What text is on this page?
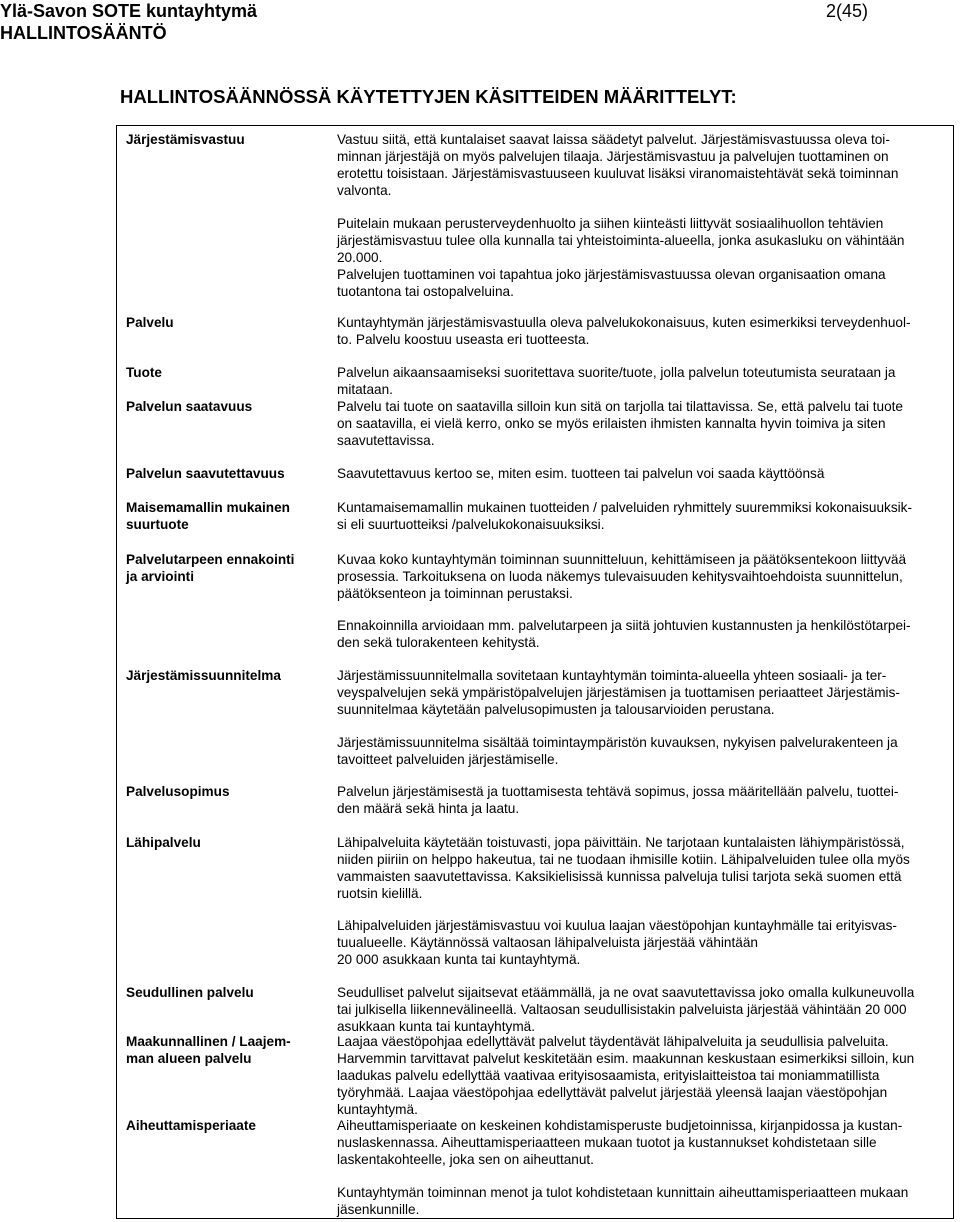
Ylä-Savon SOTE kuntayhtymä
HALLINTOSÄÄNTÖ
2(45)
HALLINTOSÄÄNNÖSSÄ KÄYTETTYJEN KÄSITTEIDEN MÄÄRITTELYT:
Järjestämisvastuu
Palvelu
Tuote
Palvelun saatavuus
Palvelun saavutettavuus
Maisemamallin mukainen
suurtuote
Palvelutarpeen ennakointi
ja arviointi
Järjestämissuunnitelma
Palvelusopimus
Lähipalvelu
Seudullinen palvelu
Maakunnallinen / Laajem-
man alueen palvelu
Aiheuttamisperiaate
Vastuu siitä, että kuntalaiset saavat laissa säädetyt palvelut. Järjestämisvastuussa oleva toi-
minnan järjestäjä on myös palvelujen tilaaja. Järjestämisvastuu ja palvelujen tuottaminen on
erotettu toisistaan. Järjestämisvastuuseen kuuluvat lisäksi viranomaistehtävät sekä toiminnan
valvonta.
Puitelain mukaan perusterveydenhuolto ja siihen kiinteästi liittyvät sosiaalihuollon tehtävien
järjestämisvastuu tulee olla kunnalla tai yhteistoiminta-alueella, jonka asukasluku on vähintään
20.000.
Palvelujen tuottaminen voi tapahtua joko järjestämisvastuussa olevan organisaation omana
tuotantona tai ostopalveluina.
Kuntayhtymän järjestämisvastuulla oleva palvelukokonaisuus, kuten esimerkiksi terveydenhuol-
to. Palvelu koostuu useasta eri tuotteesta.
Palvelun aikaansaamiseksi suoritettava suorite/tuote, jolla palvelun toteutumista seurataan ja
mitataan.
Palvelu tai tuote on saatavilla silloin kun sitä on tarjolla tai tilattavissa. Se, että palvelu tai tuote
on saatavilla, ei vielä kerro, onko se myös erilaisten ihmisten kannalta hyvin toimiva ja siten
saavutettavissa.
Saavutettavuus kertoo se, miten esim. tuotteen tai palvelun voi saada käyttöönsä
Kuntamaisemamallin mukainen tuotteiden / palveluiden ryhmittely suuremmiksi kokonaisuuksik-
si eli suurtuotteiksi /palvelukokonaisuuksiksi.
Kuvaa koko kuntayhtymän toiminnan suunnitteluun, kehittämiseen ja päätöksentekoon liittyvää
prosessia. Tarkoituksena on luoda näkemys tulevaisuuden kehitysvaihtoehdoista suunnittelun,
päätöksenteon ja toiminnan perustaksi.
Ennakoinnilla arvioidaan mm. palvelutarpeen ja siitä johtuvien kustannusten ja henkilöstötarpei-
den sekä tulorakenteen kehitystä.
Järjestämissuunnitelmalla sovitetaan kuntayhtymän toiminta-alueella yhteen sosiaali- ja ter-
veyspalvelujen sekä ympäristöpalvelujen järjestämisen ja tuottamisen periaatteet Järjestämis-
suunnitelmaa käytetään palvelusopimusten ja talousarvioiden perustana.
Järjestämissuunnitelma sisältää toimintaympäristön kuvauksen, nykyisen palvelurakenteen ja
tavoitteet palveluiden järjestämiselle.
Palvelun järjestämisestä ja tuottamisesta tehtävä sopimus, jossa määritellään palvelu, tuottei-
den määrä sekä hinta ja laatu.
Lähipalveluita käytetään toistuvasti, jopa päivittäin. Ne tarjotaan kuntalaisten lähiympäristössä,
niiden piiriin on helppo hakeutua, tai ne tuodaan ihmisille kotiin. Lähipalveluiden tulee olla myös
vammaisten saavutettavissa. Kaksikielisissä kunnissa palveluja tulisi tarjota sekä suomen että
ruotsin kielillä.
Lähipalveluiden järjestämisvastuu voi kuulua laajan väestöpohjan kuntayhmälle tai erityisvas-
tuualueelle. Käytännössä valtaosan lähipalveluista järjestää vähintään
20 000 asukkaan kunta tai kuntayhtymä.
Seudulliset palvelut sijaitsevat etäämmällä, ja ne ovat saavutettavissa joko omalla kulkuneuvolla
tai julkisella liikennevälineellä. Valtaosan seudullisistakin palveluista järjestää vähintään 20 000
asukkaan kunta tai kuntayhtymä.
Laajaa väestöpohjaa edellyttävät palvelut täydentävät lähipalveluita ja seudullisia palveluita.
Harvemmin tarvittavat palvelut keskitetään esim. maakunnan keskustaan esimerkiksi silloin, kun
laadukas palvelu edellyttää vaativaa erityisosaamista, erityislaitteistoa tai moniammatillista
työryhmää. Laajaa väestöpohjaa edellyttävät palvelut järjestää yleensä laajan väestöpohjan
kuntayhtymä.
Aiheuttamisperiaate on keskeinen kohdistamisperuste budjetoinnissa, kirjanpidossa ja kustan-
nuslaskennassa. Aiheuttamisperiaatteen mukaan tuotot ja kustannukset kohdistetaan sille
laskentakohteelle, joka sen on aiheuttanut.
Kuntayhtymän toiminnan menot ja tulot kohdistetaan kunnittain aiheuttamisperiaatteen mukaan
jäsenkunnille.
